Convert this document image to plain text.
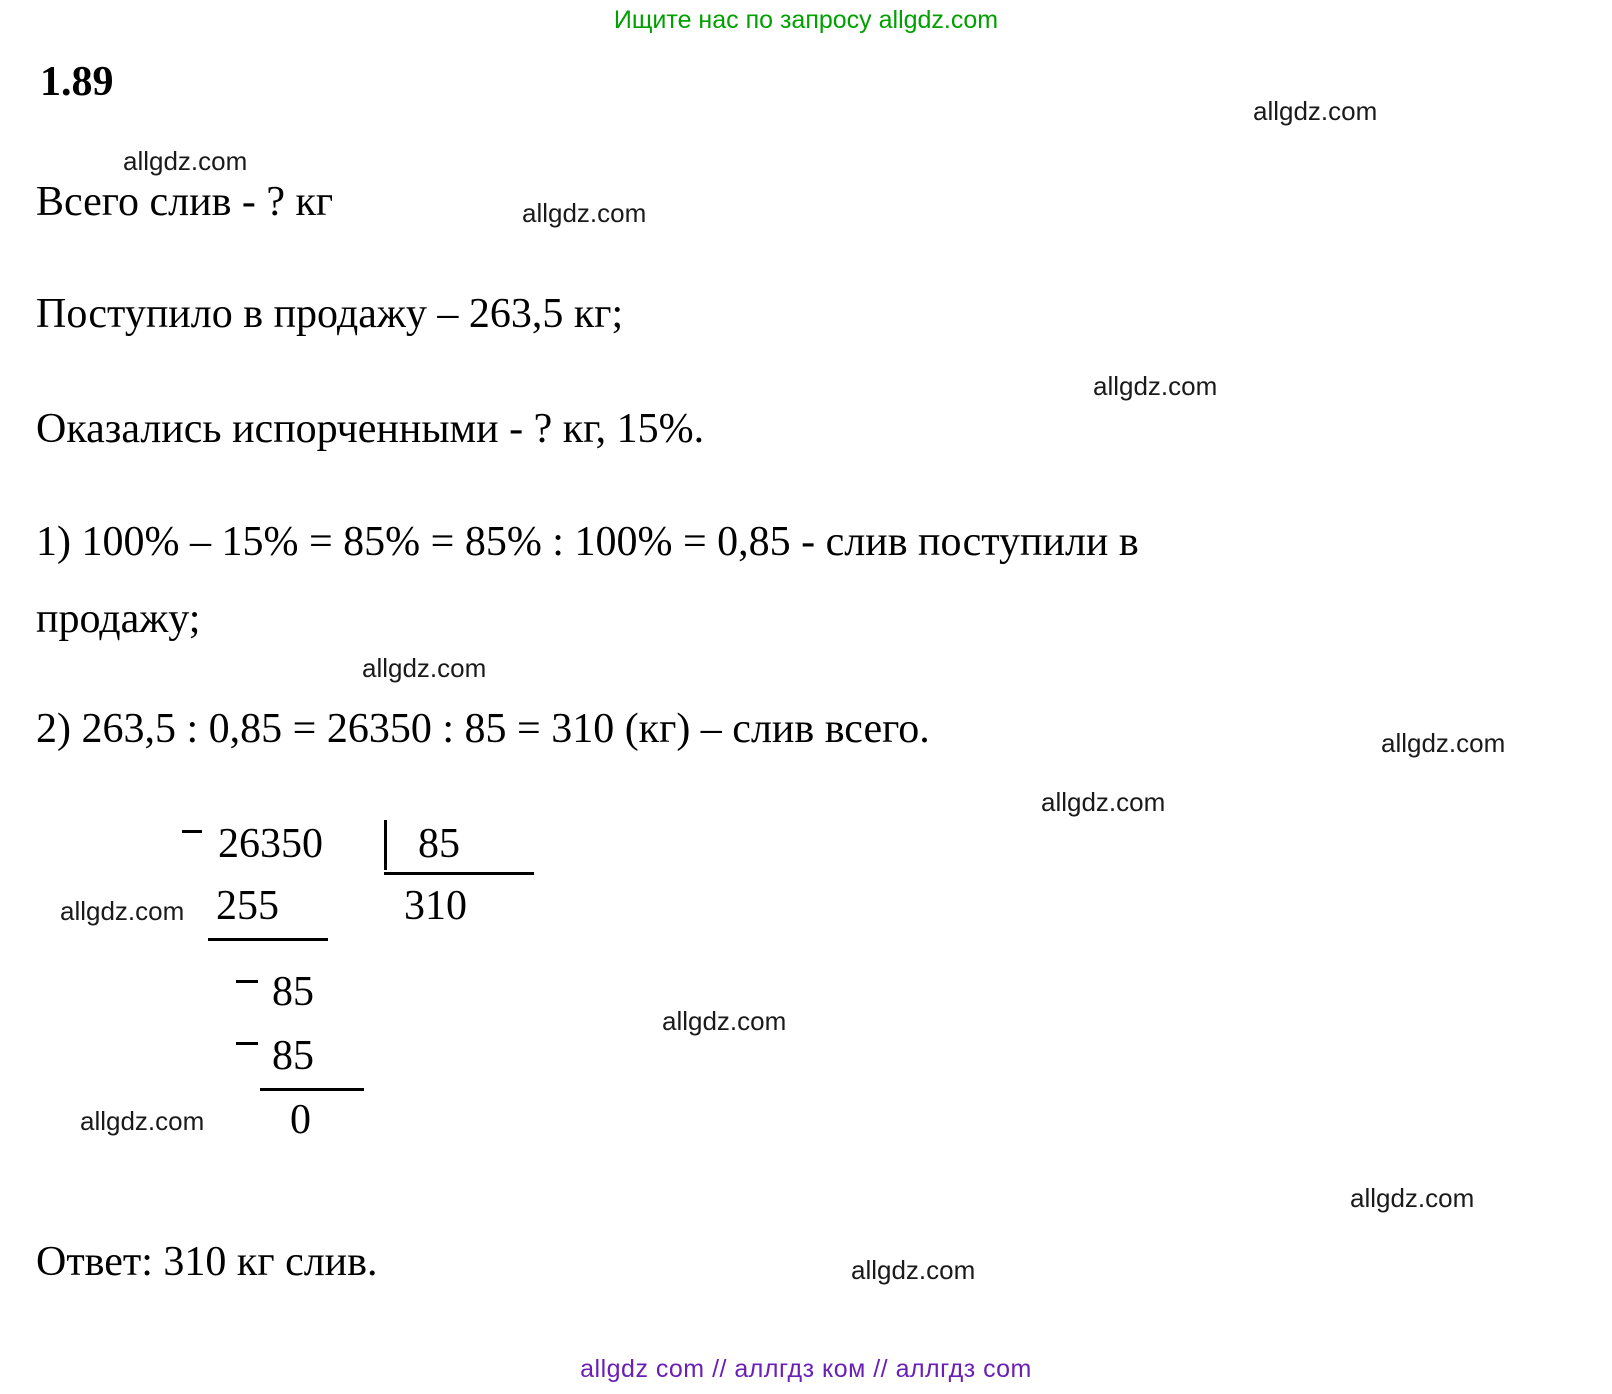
Ищите нас по запросу allgdz.com
1.89
Всего слив - ? кг
Поступило в продажу – 263,5 кг;
Оказались испорченными - ? кг, 15%.
1) 100% – 15% = 85% = 85% : 100% = 0,85 - слив поступили в
продажу;
2) 263,5 : 0,85 = 26350 : 85 = 310 (кг) – слив всего.
26350 85
255	310
85
85
0
Ответ: 310 кг слив.
allgdz.com
allgdz.com
allgdz.com
allgdz.com
allgdz.com
allgdz.com
allgdz.com
allgdz.com
allgdz.com
allgdz.com
allgdz.com
allgdz.com
allgdz com // аллгдз ком // аллгдз com
